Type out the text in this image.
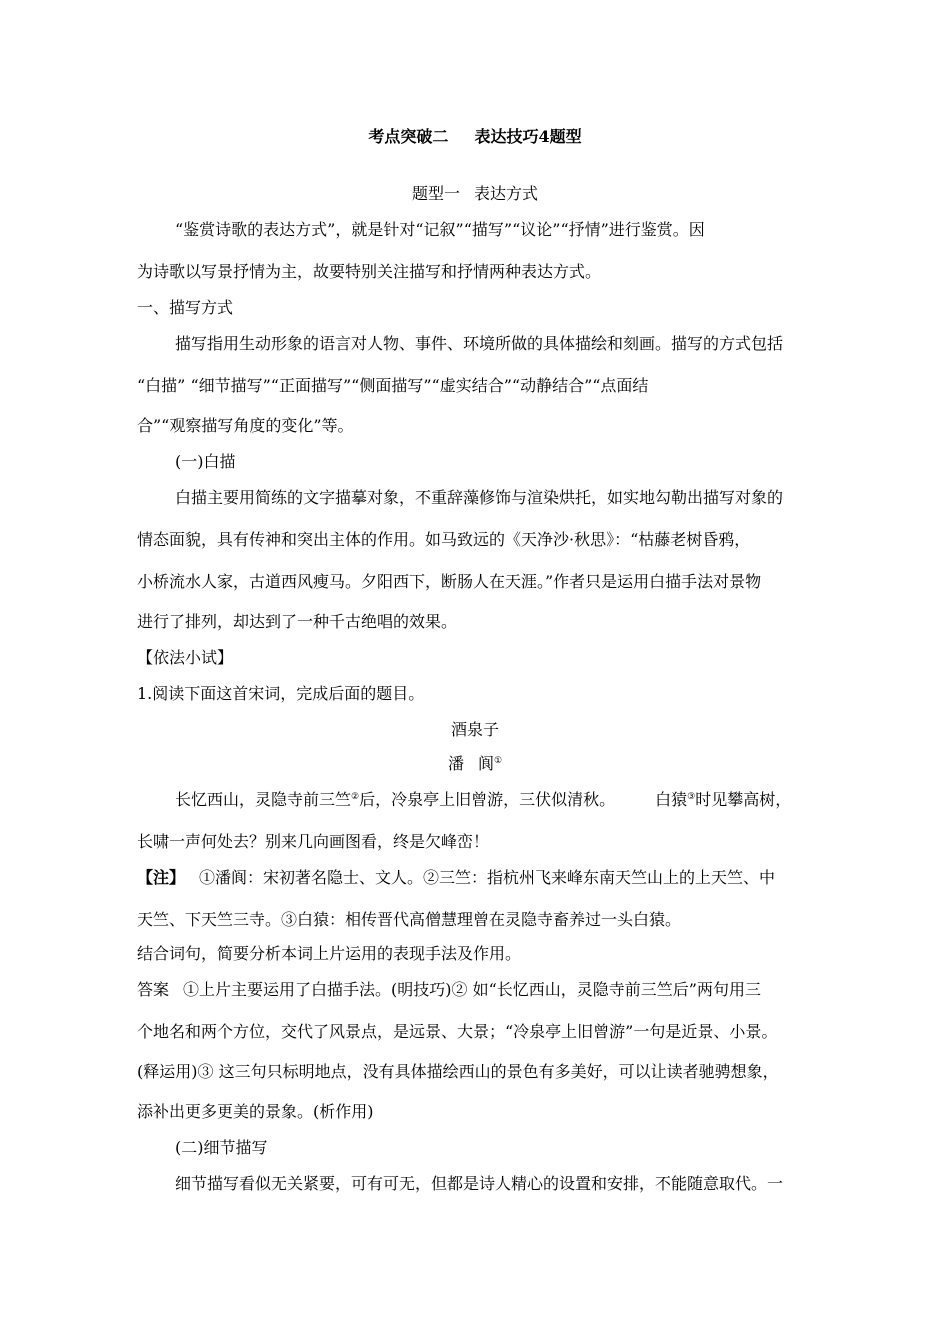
考点突破二 表达技巧4题型
题型一 表达方式
“鉴赏诗歌的表达方式”，就是针对“记叙”“描写”“议论”“抒情”进行鉴赏。因
为诗歌以写景抒情为主，故要特别关注描写和抒情两种表达方式。
一、描写方式
描写指用生动形象的语言对人物、事件、环境所做的具体描绘和刻画。描写的方式包括
“白描” “细节描写”“正面描写”“侧面描写”“虚实结合”“动静结合”“点面结
合”“观察描写角度的变化”等。
(一)白描
白描主要用简练的文字描摹对象，不重辞藻修饰与渲染烘托，如实地勾勒出描写对象的
情态面貌，具有传神和突出主体的作用。如马致远的《天净沙·秋思》：“枯藤老树昏鸦，
小桥流水人家，古道西风瘦马。夕阳西下，断肠人在天涯。”作者只是运用白描手法对景物
进行了排列，却达到了一种千古绝唱的效果。
【依法小试】
1.阅读下面这首宋词，完成后面的题目。
酒泉子
潘 阆①
长忆西山，灵隐寺前三竺②后，冷泉亭上旧曾游，三伏似清秋。	白猿③时见攀高树，
长啸一声何处去？别来几向画图看，终是欠峰峦！
【注】 ①潘阆：宋初著名隐士、文人。②三竺：指杭州飞来峰东南天竺山上的上天竺、中
天竺、下天竺三寺。③白猿：相传晋代高僧慧理曾在灵隐寺畜养过一头白猿。
结合词句，简要分析本词上片运用的表现手法及作用。
答案 ①上片主要运用了白描手法。(明技巧)② 如“长忆西山，灵隐寺前三竺后”两句用三
个地名和两个方位，交代了风景点，是远景、大景；“冷泉亭上旧曾游”一句是近景、小景。
(释运用)③ 这三句只标明地点，没有具体描绘西山的景色有多美好，可以让读者驰骋想象，
添补出更多更美的景象。(析作用)
(二)细节描写
细节描写看似无关紧要，可有可无，但都是诗人精心的设置和安排，不能随意取代。一
